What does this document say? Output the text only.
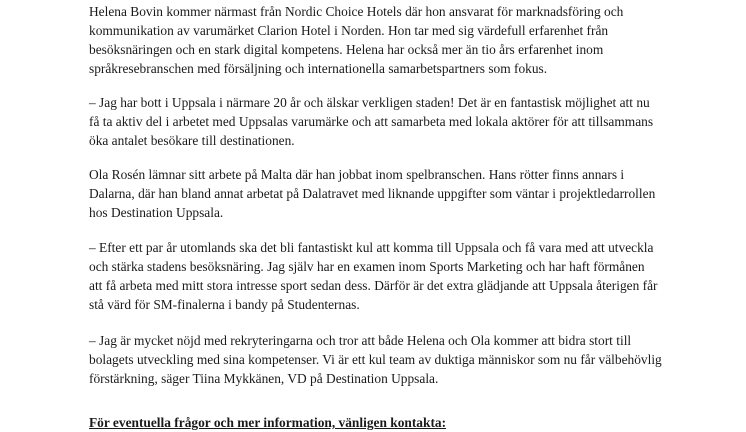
Helena Bovin kommer närmast från Nordic Choice Hotels där hon ansvarat för marknadsföring och
kommunikation av varumärket Clarion Hotel i Norden. Hon tar med sig värdefull erfarenhet från
besöksnäringen och en stark digital kompetens. Helena har också mer än tio års erfarenhet inom
språkresebranschen med försäljning och internationella samarbetspartners som fokus.

– Jag har bott i Uppsala i närmare 20 år och älskar verkligen staden! Det är en fantastisk möjlighet att nu
få ta aktiv del i arbetet med Uppsalas varumärke och att samarbeta med lokala aktörer för att tillsammans
öka antalet besökare till destinationen.

Ola Rosén lämnar sitt arbete på Malta där han jobbat inom spelbranschen. Hans rötter finns annars i
Dalarna, där han bland annat arbetat på Dalatravet med liknande uppgifter som väntar i projektledarrollen
hos Destination Uppsala.

– Efter ett par år utomlands ska det bli fantastiskt kul att komma till Uppsala och få vara med att utveckla
och stärka stadens besöksnäring. Jag själv har en examen inom Sports Marketing och har haft förmånen
att få arbeta med mitt stora intresse sport sedan dess. Därför är det extra glädjande att Uppsala återigen får
stå värd för SM-finalerna i bandy på Studenternas.

– Jag är mycket nöjd med rekryteringarna och tror att både Helena och Ola kommer att bidra stort till
bolagets utveckling med sina kompetenser. Vi är ett kul team av duktiga människor som nu får välbehövlig
förstärkning, säger Tiina Mykkänen, VD på Destination Uppsala.

För eventuella frågor och mer information, vänligen kontakta:
